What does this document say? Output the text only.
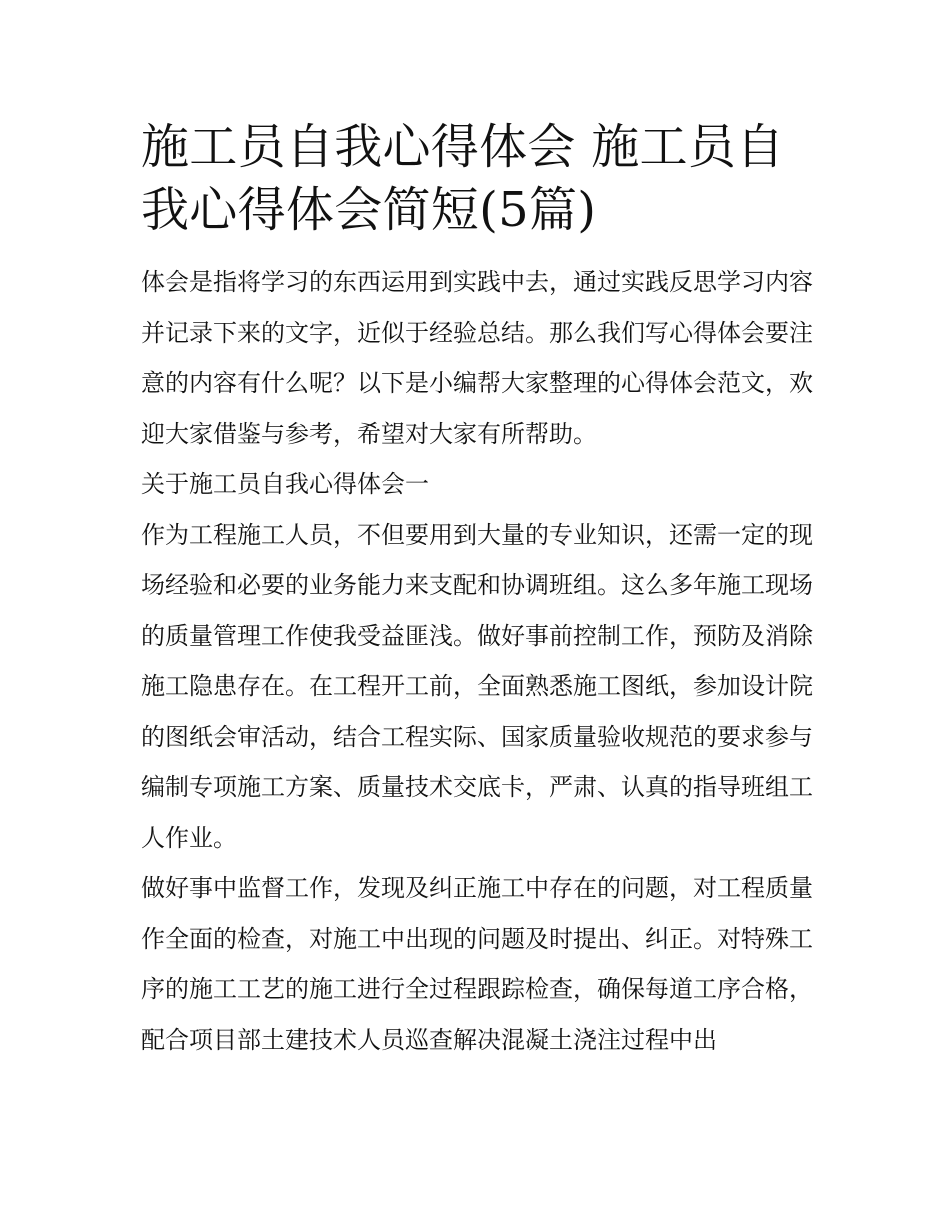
施工员自我心得体会 施工员自我心得体会简短(5篇)

体会是指将学习的东西运用到实践中去，通过实践反思学习内容并记录下来的文字，近似于经验总结。那么我们写心得体会要注意的内容有什么呢？以下是小编帮大家整理的心得体会范文，欢迎大家借鉴与参考，希望对大家有所帮助。

关于施工员自我心得体会一

作为工程施工人员，不但要用到大量的专业知识，还需一定的现场经验和必要的业务能力来支配和协调班组。这么多年施工现场的质量管理工作使我受益匪浅。做好事前控制工作，预防及消除施工隐患存在。在工程开工前，全面熟悉施工图纸，参加设计院的图纸会审活动，结合工程实际、国家质量验收规范的要求参与编制专项施工方案、质量技术交底卡，严肃、认真的指导班组工人作业。

做好事中监督工作，发现及纠正施工中存在的问题，对工程质量作全面的检查，对施工中出现的问题及时提出、纠正。对特殊工序的施工工艺的施工进行全过程跟踪检查，确保每道工序合格，配合项目部土建技术人员巡查解决混凝土浇注过程中出
